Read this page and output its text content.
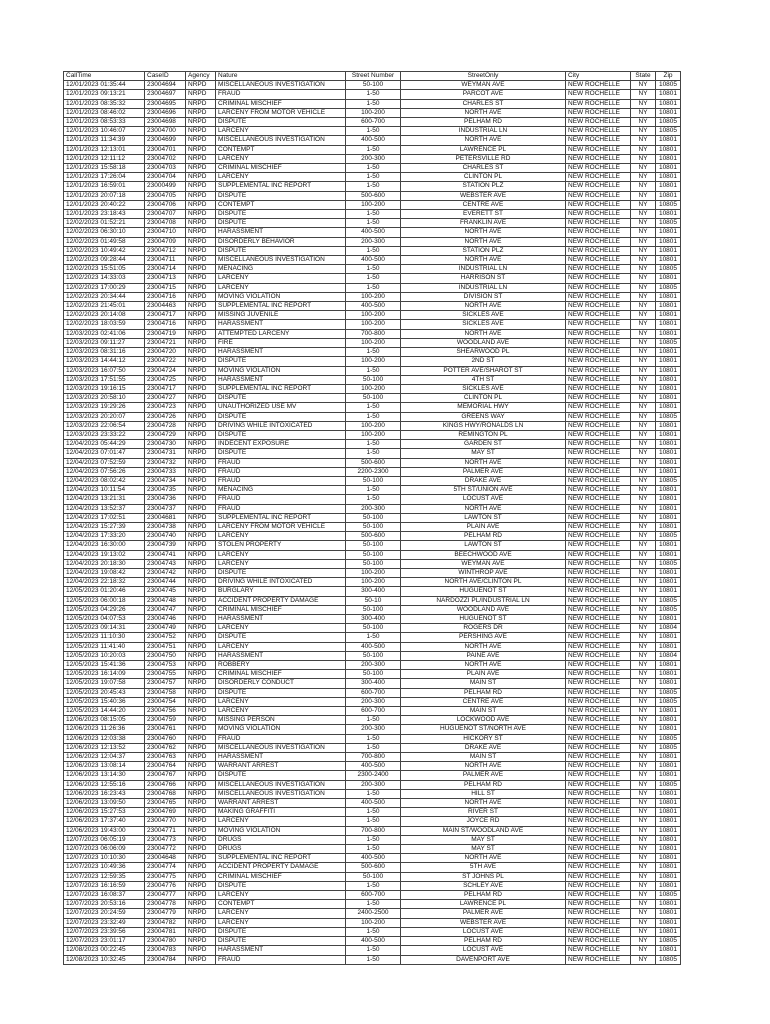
CallTime	CaseID	Agency	Nature	Street Number	StreetOnly	City	State	Zip
12/01/2023 01:35:44	23004694	NRPD	MISCELLANEOUS INVESTIGATION	50-100	WEYMAN AVE	NEW ROCHELLE	NY	10805
12/01/2023 09:13:21	23004697	NRPD	FRAUD	1-50	PARCOT AVE	NEW ROCHELLE	NY	10801
12/01/2023 08:35:32	23004695	NRPD	CRIMINAL MISCHIEF	1-50	CHARLES ST	NEW ROCHELLE	NY	10801
12/01/2023 08:46:02	23004696	NRPD	LARCENY FROM MOTOR VEHICLE	100-200	NORTH AVE	NEW ROCHELLE	NY	10801
12/01/2023 08:53:33	23004698	NRPD	DISPUTE	600-700	PELHAM RD	NEW ROCHELLE	NY	10805
12/01/2023 10:46:07	23004700	NRPD	LARCENY	1-50	INDUSTRIAL LN	NEW ROCHELLE	NY	10805
12/01/2023 11:34:39	23004699	NRPD	MISCELLANEOUS INVESTIGATION	400-500	NORTH AVE	NEW ROCHELLE	NY	10801
12/01/2023 12:13:01	23004701	NRPD	CONTEMPT	1-50	LAWRENCE PL	NEW ROCHELLE	NY	10801
12/01/2023 12:11:12	23004702	NRPD	LARCENY	200-300	PETERSVILLE RD	NEW ROCHELLE	NY	10801
12/01/2023 15:58:18	23004703	NRPD	CRIMINAL MISCHIEF	1-50	CHARLES ST	NEW ROCHELLE	NY	10801
12/01/2023 17:26:04	23004704	NRPD	LARCENY	1-50	CLINTON PL	NEW ROCHELLE	NY	10801
12/01/2023 16:59:01	23000499	NRPD	SUPPLEMENTAL INC REPORT	1-50	STATION PLZ	NEW ROCHELLE	NY	10801
12/01/2023 20:07:18	23004705	NRPD	DISPUTE	500-600	WEBSTER AVE	NEW ROCHELLE	NY	10801
12/01/2023 20:40:22	23004706	NRPD	CONTEMPT	100-200	CENTRE AVE	NEW ROCHELLE	NY	10805
12/01/2023 23:18:43	23004707	NRPD	DISPUTE	1-50	EVERETT ST	NEW ROCHELLE	NY	10801
12/02/2023 01:52:21	23004708	NRPD	DISPUTE	1-50	FRANKLIN AVE	NEW ROCHELLE	NY	10805
12/02/2023 06:30:10	23004710	NRPD	HARASSMENT	400-500	NORTH AVE	NEW ROCHELLE	NY	10801
12/02/2023 01:49:58	23004709	NRPD	DISORDERLY BEHAVIOR	200-300	NORTH AVE	NEW ROCHELLE	NY	10801
12/02/2023 10:49:42	23004712	NRPD	DISPUTE	1-50	STATION PLZ	NEW ROCHELLE	NY	10801
12/02/2023 09:28:44	23004711	NRPD	MISCELLANEOUS INVESTIGATION	400-500	NORTH AVE	NEW ROCHELLE	NY	10801
12/02/2023 15:51:05	23004714	NRPD	MENACING	1-50	INDUSTRIAL LN	NEW ROCHELLE	NY	10805
12/02/2023 14:33:03	23004713	NRPD	LARCENY	1-50	HARRISON ST	NEW ROCHELLE	NY	10801
12/02/2023 17:00:29	23004715	NRPD	LARCENY	1-50	INDUSTRIAL LN	NEW ROCHELLE	NY	10805
12/02/2023 20:34:44	23004716	NRPD	MOVING VIOLATION	100-200	DIVISION ST	NEW ROCHELLE	NY	10801
12/02/2023 21:45:01	23004463	NRPD	SUPPLEMENTAL INC REPORT	400-500	NORTH AVE	NEW ROCHELLE	NY	10801
12/02/2023 20:14:08	23004717	NRPD	MISSING JUVENILE	100-200	SICKLES AVE	NEW ROCHELLE	NY	10801
12/02/2023 18:03:59	23004716	NRPD	HARASSMENT	100-200	SICKLES AVE	NEW ROCHELLE	NY	10801
12/03/2023 02:41:06	23004719	NRPD	ATTEMPTED LARCENY	700-800	NORTH AVE	NEW ROCHELLE	NY	10801
12/03/2023 09:11:27	23004721	NRPD	FIRE	100-200	WOODLAND AVE	NEW ROCHELLE	NY	10805
12/03/2023 08:31:16	23004720	NRPD	HARASSMENT	1-50	SHEARWOOD PL	NEW ROCHELLE	NY	10801
12/03/2023 14:44:12	23004722	NRPD	DISPUTE	100-200	2ND ST	NEW ROCHELLE	NY	10801
12/03/2023 16:07:50	23004724	NRPD	MOVING VIOLATION	1-50	POTTER AVE/SHAROT ST	NEW ROCHELLE	NY	10801
12/03/2023 17:51:55	23004725	NRPD	HARASSMENT	50-100	4TH ST	NEW ROCHELLE	NY	10801
12/03/2023 19:16:15	23004717	NRPD	SUPPLEMENTAL INC REPORT	100-200	SICKLES AVE	NEW ROCHELLE	NY	10801
12/03/2023 20:58:10	23004727	NRPD	DISPUTE	50-100	CLINTON PL	NEW ROCHELLE	NY	10801
12/03/2023 19:29:26	23004723	NRPD	UNAUTHORIZED USE MV	1-50	MEMORIAL HWY	NEW ROCHELLE	NY	10801
12/03/2023 20:20:07	23004726	NRPD	DISPUTE	1-50	GREENS WAY	NEW ROCHELLE	NY	10805
12/03/2023 22:06:54	23004728	NRPD	DRIVING WHILE INTOXICATED	100-200	KINGS HWY/RONALDS LN	NEW ROCHELLE	NY	10801
12/03/2023 23:33:22	23004729	NRPD	DISPUTE	100-200	REMINGTON PL	NEW ROCHELLE	NY	10801
12/04/2023 05:44:29	23004730	NRPD	INDECENT EXPOSURE	1-50	GARDEN ST	NEW ROCHELLE	NY	10801
12/04/2023 07:01:47	23004731	NRPD	DISPUTE	1-50	MAY ST	NEW ROCHELLE	NY	10801
12/04/2023 07:52:59	23004732	NRPD	FRAUD	500-600	NORTH AVE	NEW ROCHELLE	NY	10801
12/04/2023 07:56:26	23004733	NRPD	FRAUD	2200-2300	PALMER AVE	NEW ROCHELLE	NY	10801
12/04/2023 08:02:42	23004734	NRPD	FRAUD	50-100	DRAKE AVE	NEW ROCHELLE	NY	10805
12/04/2023 10:11:54	23004735	NRPD	MENACING	1-50	5TH ST/UNION AVE	NEW ROCHELLE	NY	10801
12/04/2023 13:21:31	23004736	NRPD	FRAUD	1-50	LOCUST AVE	NEW ROCHELLE	NY	10801
12/04/2023 13:52:37	23004737	NRPD	FRAUD	200-300	NORTH AVE	NEW ROCHELLE	NY	10801
12/04/2023 17:02:51	23004681	NRPD	SUPPLEMENTAL INC REPORT	50-100	LAWTON ST	NEW ROCHELLE	NY	10801
12/04/2023 15:27:39	23004738	NRPD	LARCENY FROM MOTOR VEHICLE	50-100	PLAIN AVE	NEW ROCHELLE	NY	10801
12/04/2023 17:33:20	23004740	NRPD	LARCENY	500-600	PELHAM RD	NEW ROCHELLE	NY	10805
12/04/2023 16:30:00	23004739	NRPD	STOLEN PROPERTY	50-100	LAWTON ST	NEW ROCHELLE	NY	10801
12/04/2023 19:13:02	23004741	NRPD	LARCENY	50-100	BEECHWOOD AVE	NEW ROCHELLE	NY	10801
12/04/2023 20:18:30	23004743	NRPD	LARCENY	50-100	WEYMAN AVE	NEW ROCHELLE	NY	10805
12/04/2023 19:08:42	23004742	NRPD	DISPUTE	100-200	WINTHROP AVE	NEW ROCHELLE	NY	10801
12/04/2023 22:18:32	23004744	NRPD	DRIVING WHILE INTOXICATED	100-200	NORTH AVE/CLINTON PL	NEW ROCHELLE	NY	10801
12/05/2023 01:20:46	23004745	NRPD	BURGLARY	300-400	HUGUENOT ST	NEW ROCHELLE	NY	10801
12/05/2023 06:00:18	23004748	NRPD	ACCIDENT PROPERTY DAMAGE	50-10	NARDOZZI PL/INDUSTRIAL LN	NEW ROCHELLE	NY	10805
12/05/2023 04:29:26	23004747	NRPD	CRIMINAL MISCHIEF	50-100	WOODLAND AVE	NEW ROCHELLE	NY	10805
12/05/2023 04:07:53	23004746	NRPD	HARASSMENT	300-400	HUGUENOT ST	NEW ROCHELLE	NY	10801
12/05/2023 09:14:31	23004749	NRPD	LARCENY	50-100	ROGERS DR	NEW ROCHELLE	NY	10804
12/05/2023 11:10:30	23004752	NRPD	DISPUTE	1-50	PERSHING AVE	NEW ROCHELLE	NY	10801
12/05/2023 11:41:40	23004751	NRPD	LARCENY	400-500	NORTH AVE	NEW ROCHELLE	NY	10801
12/05/2023 10:20:03	23004750	NRPD	HARASSMENT	50-100	PAINE AVE	NEW ROCHELLE	NY	10804
12/05/2023 15:41:36	23004753	NRPD	ROBBERY	200-300	NORTH AVE	NEW ROCHELLE	NY	10801
12/05/2023 16:14:09	23004755	NRPD	CRIMINAL MISCHIEF	50-100	PLAIN AVE	NEW ROCHELLE	NY	10801
12/05/2023 19:07:58	23004757	NRPD	DISORDERLY CONDUCT	300-400	MAIN ST	NEW ROCHELLE	NY	10801
12/05/2023 20:45:43	23004758	NRPD	DISPUTE	600-700	PELHAM RD	NEW ROCHELLE	NY	10805
12/05/2023 15:40:36	23004754	NRPD	LARCENY	200-300	CENTRE AVE	NEW ROCHELLE	NY	10805
12/05/2023 14:44:20	23004756	NRPD	LARCENY	600-700	MAIN ST	NEW ROCHELLE	NY	10801
12/06/2023 08:15:05	23004759	NRPD	MISSING PERSON	1-50	LOCKWOOD AVE	NEW ROCHELLE	NY	10801
12/06/2023 11:26:36	23004761	NRPD	MOVING VIOLATION	200-300	HUGUENOT ST/NORTH AVE	NEW ROCHELLE	NY	10801
12/06/2023 12:03:38	23004760	NRPD	FRAUD	1-50	HICKORY ST	NEW ROCHELLE	NY	10805
12/06/2023 12:13:52	23004762	NRPD	MISCELLANEOUS INVESTIGATION	1-50	DRAKE AVE	NEW ROCHELLE	NY	10805
12/06/2023 12:04:37	23004763	NRPD	HARASSMENT	700-800	MAIN ST	NEW ROCHELLE	NY	10801
12/06/2023 13:08:14	23004764	NRPD	WARRANT ARREST	400-500	NORTH AVE	NEW ROCHELLE	NY	10801
12/06/2023 13:14:30	23004767	NRPD	DISPUTE	2300-2400	PALMER AVE	NEW ROCHELLE	NY	10801
12/06/2023 12:55:16	23004766	NRPD	MISCELLANEOUS INVESTIGATION	200-300	PELHAM RD	NEW ROCHELLE	NY	10805
12/06/2023 16:23:43	23004768	NRPD	MISCELLANEOUS INVESTIGATION	1-50	HILL ST	NEW ROCHELLE	NY	10801
12/06/2023 13:09:50	23004765	NRPD	WARRANT ARREST	400-500	NORTH AVE	NEW ROCHELLE	NY	10801
12/06/2023 15:27:53	23004769	NRPD	MAKING GRAFFITI	1-50	RIVER ST	NEW ROCHELLE	NY	10801
12/06/2023 17:37:40	23004770	NRPD	LARCENY	1-50	JOYCE RD	NEW ROCHELLE	NY	10801
12/06/2023 19:43:00	23004771	NRPD	MOVING VIOLATION	700-800	MAIN ST/WOODLAND AVE	NEW ROCHELLE	NY	10801
12/07/2023 06:05:19	23004773	NRPD	DRUGS	1-50	MAY ST	NEW ROCHELLE	NY	10801
12/07/2023 06:06:09	23004772	NRPD	DRUGS	1-50	MAY ST	NEW ROCHELLE	NY	10801
12/07/2023 10:10:30	23004648	NRPD	SUPPLEMENTAL INC REPORT	400-500	NORTH AVE	NEW ROCHELLE	NY	10801
12/07/2023 10:49:36	23004774	NRPD	ACCIDENT PROPERTY DAMAGE	500-600	5TH AVE	NEW ROCHELLE	NY	10801
12/07/2023 12:59:35	23004775	NRPD	CRIMINAL MISCHIEF	50-100	ST JOHNS PL	NEW ROCHELLE	NY	10801
12/07/2023 16:16:59	23004776	NRPD	DISPUTE	1-50	SCHLEY AVE	NEW ROCHELLE	NY	10801
12/07/2023 16:08:37	23004777	NRPD	LARCENY	600-700	PELHAM RD	NEW ROCHELLE	NY	10805
12/07/2023 20:53:16	23004778	NRPD	CONTEMPT	1-50	LAWRENCE PL	NEW ROCHELLE	NY	10801
12/07/2023 20:24:59	23004779	NRPD	LARCENY	2400-2500	PALMER AVE	NEW ROCHELLE	NY	10801
12/07/2023 23:32:49	23004782	NRPD	LARCENY	100-200	WEBSTER AVE	NEW ROCHELLE	NY	10801
12/07/2023 23:39:56	23004781	NRPD	DISPUTE	1-50	LOCUST AVE	NEW ROCHELLE	NY	10801
12/07/2023 23:01:17	23004780	NRPD	DISPUTE	400-500	PELHAM RD	NEW ROCHELLE	NY	10805
12/08/2023 00:22:45	23004783	NRPD	HARASSMENT	1-50	LOCUST AVE	NEW ROCHELLE	NY	10801
12/08/2023 10:32:45	23004784	NRPD	FRAUD	1-50	DAVENPORT AVE	NEW ROCHELLE	NY	10805
